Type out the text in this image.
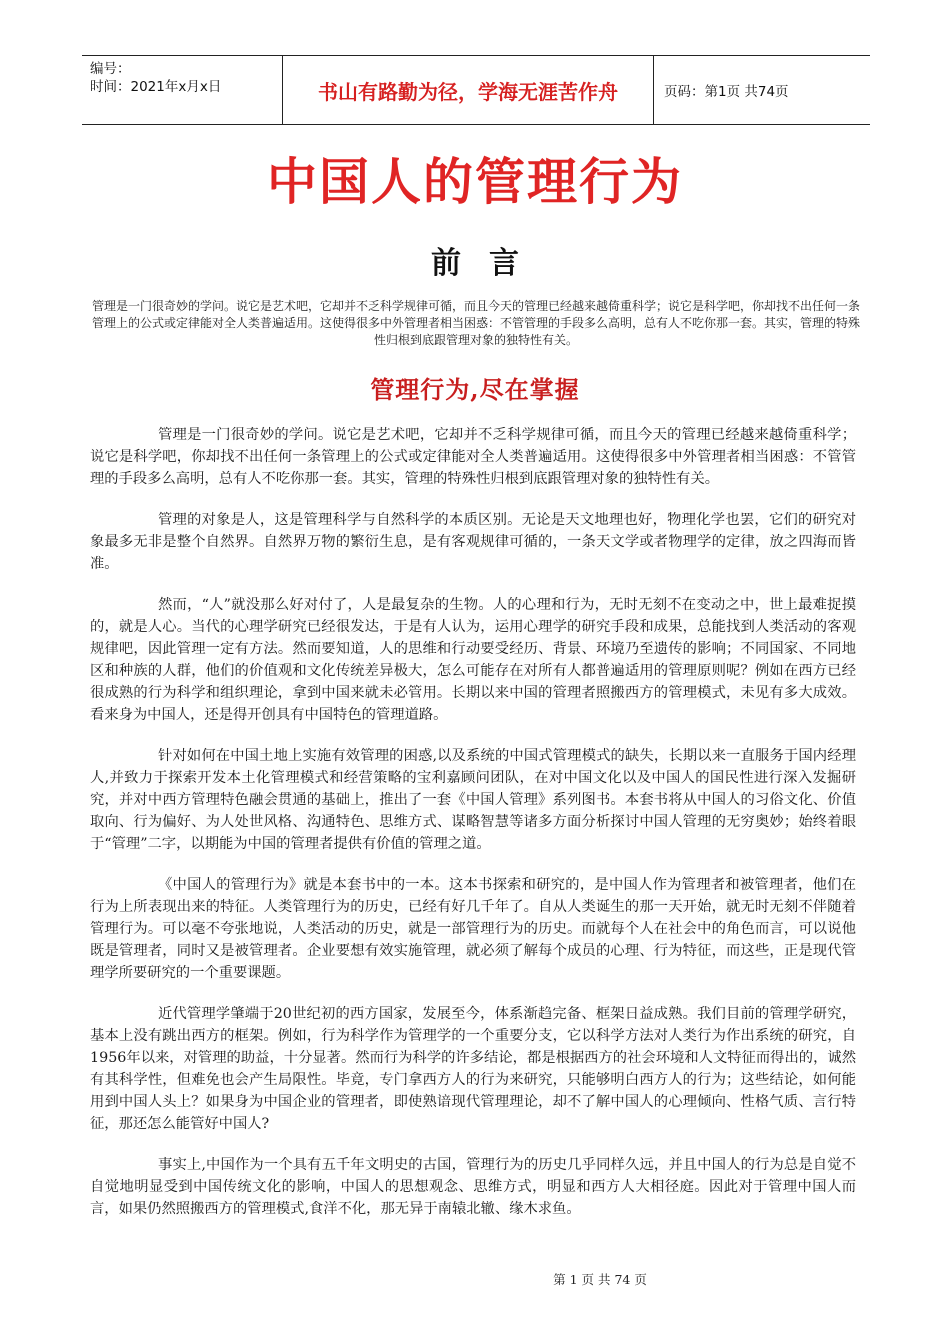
编号：
时间：2021年x月x日	书山有路勤为径，学海无涯苦作舟	页码：第1页 共74页
中国人的管理行为
前言
管理是一门很奇妙的学问。说它是艺术吧，它却并不乏科学规律可循，而且今天的管理已经越来越倚重科学；说它是科学吧，你却找不出任何一条管理上的公式或定律能对全人类普遍适用。这使得很多中外管理者相当困惑：不管管理的手段多么高明，总有人不吃你那一套。其实，管理的特殊性归根到底跟管理对象的独特性有关。
管理行为,尽在掌握

管理是一门很奇妙的学问。说它是艺术吧，它却并不乏科学规律可循，而且今天的管理已经越来越倚重科学；说它是科学吧，你却找不出任何一条管理上的公式或定律能对全人类普遍适用。这使得很多中外管理者相当困惑：不管管理的手段多么高明，总有人不吃你那一套。其实，管理的特殊性归根到底跟管理对象的独特性有关。

管理的对象是人，这是管理科学与自然科学的本质区别。无论是天文地理也好，物理化学也罢，它们的研究对象最多无非是整个自然界。自然界万物的繁衍生息，是有客观规律可循的，一条天文学或者物理学的定律，放之四海而皆准。

然而，“人”就没那么好对付了，人是最复杂的生物。人的心理和行为，无时无刻不在变动之中，世上最难捉摸的，就是人心。当代的心理学研究已经很发达，于是有人认为，运用心理学的研究手段和成果，总能找到人类活动的客观规律吧，因此管理一定有方法。然而要知道，人的思维和行动要受经历、背景、环境乃至遗传的影响；不同国家、不同地区和种族的人群，他们的价值观和文化传统差异极大，怎么可能存在对所有人都普遍适用的管理原则呢？例如在西方已经很成熟的行为科学和组织理论，拿到中国来就未必管用。长期以来中国的管理者照搬西方的管理模式，未见有多大成效。看来身为中国人，还是得开创具有中国特色的管理道路。

针对如何在中国土地上实施有效管理的困惑,以及系统的中国式管理模式的缺失，长期以来一直服务于国内经理人,并致力于探索开发本土化管理模式和经营策略的宝利嘉顾问团队，在对中国文化以及中国人的国民性进行深入发掘研究，并对中西方管理特色融会贯通的基础上，推出了一套《中国人管理》系列图书。本套书将从中国人的习俗文化、价值取向、行为偏好、为人处世风格、沟通特色、思维方式、谋略智慧等诸多方面分析探讨中国人管理的无穷奥妙；始终着眼于“管理”二字，以期能为中国的管理者提供有价值的管理之道。

《中国人的管理行为》就是本套书中的一本。这本书探索和研究的，是中国人作为管理者和被管理者，他们在行为上所表现出来的特征。人类管理行为的历史，已经有好几千年了。自从人类诞生的那一天开始，就无时无刻不伴随着管理行为。可以毫不夸张地说，人类活动的历史，就是一部管理行为的历史。而就每个人在社会中的角色而言，可以说他既是管理者，同时又是被管理者。企业要想有效实施管理，就必须了解每个成员的心理、行为特征，而这些，正是现代管理学所要研究的一个重要课题。

近代管理学肇端于20世纪初的西方国家，发展至今，体系渐趋完备、框架日益成熟。我们目前的管理学研究，基本上没有跳出西方的框架。例如，行为科学作为管理学的一个重要分支，它以科学方法对人类行为作出系统的研究，自1956年以来，对管理的助益，十分显著。然而行为科学的许多结论，都是根据西方的社会环境和人文特征而得出的，诚然有其科学性，但难免也会产生局限性。毕竟，专门拿西方人的行为来研究，只能够明白西方人的行为；这些结论，如何能用到中国人头上？如果身为中国企业的管理者，即使熟谙现代管理理论，却不了解中国人的心理倾向、性格气质、言行特征，那还怎么能管好中国人?

事实上,中国作为一个具有五千年文明史的古国，管理行为的历史几乎同样久远，并且中国人的行为总是自觉不自觉地明显受到中国传统文化的影响，中国人的思想观念、思维方式，明显和西方人大相径庭。因此对于管理中国人而言，如果仍然照搬西方的管理模式,食洋不化，那无异于南辕北辙、缘木求鱼。

第 1 页 共 74 页
